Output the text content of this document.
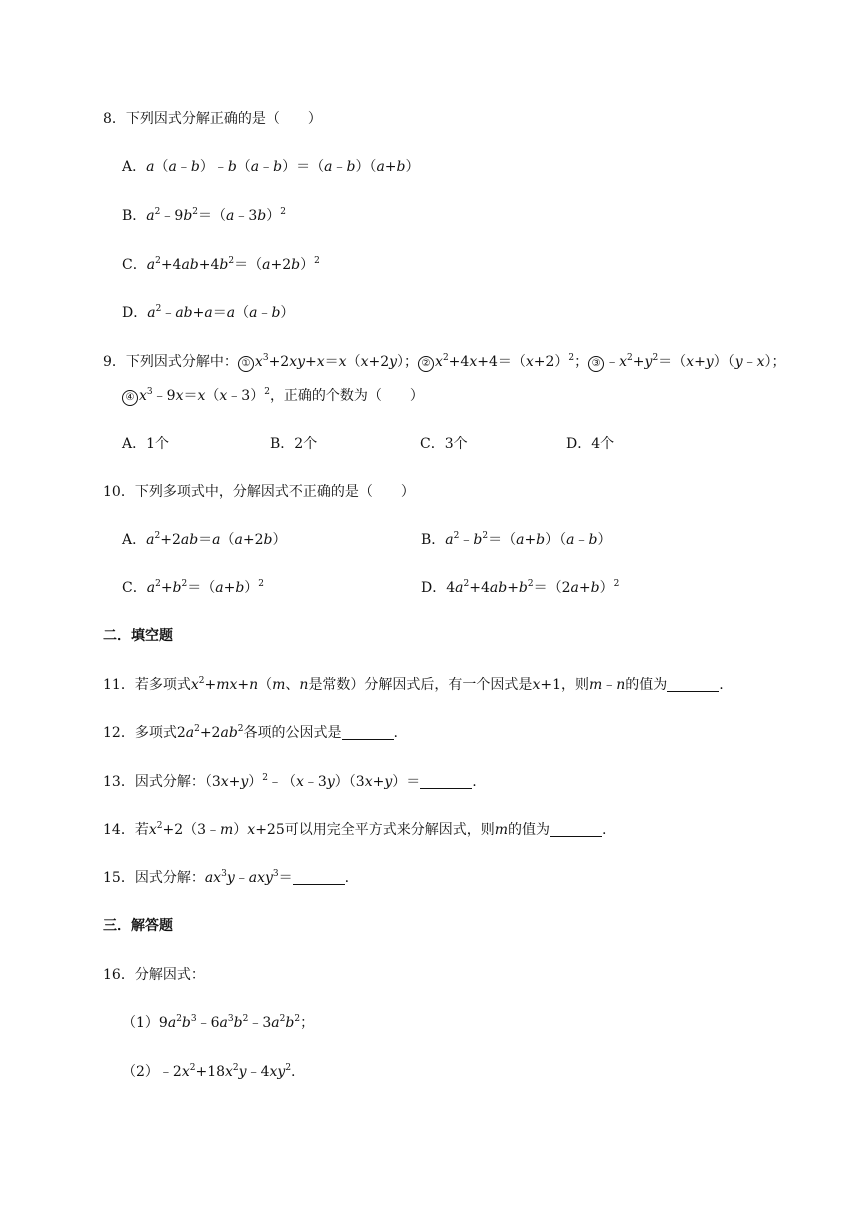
8．下列因式分解正确的是（　　）
A．a（a﹣b）﹣b（a﹣b）＝（a﹣b）（a+b）
B．$a^2﹣9b^2=(a﹣3b)^2$
C．$a^2+4ab+4b^2=(a+2b)^2$
D．$a^2﹣ab+a=a(a﹣b)$
9．下列因式分解中： ① $x^3+2xy+x=x(x+2y)$； ② $x^2+4x+4=(x+2)^2$； ③ $﹣x^2+y^2=(x+y)(y﹣x)$；
④ $x^3﹣9x=x(x﹣3)^2$，正确的个数为（　　）
A．1个	B．2个	C．3个	D．4个
10．下列多项式中，分解因式不正确的是（　　）
A．$a^2+2ab=a(a+2b)$	B．$a^2﹣b^2=(a+b)(a﹣b)$
C．$a^2+b^2=(a+b)^2$	D．$4a^2+4ab+b^2=(2a+b)^2$
二．填空题
11．若多项式$x^2+mx+n(m$、n是常数）分解因式后，有一个因式是x+1，则m﹣n的值为	.
12．多项式$2a^2+2ab^2$各项的公因式是	.
13．因式分解：$(3x+y)^2﹣(x﹣3y)(3x+y)=$	.
14．若$x^2+2(3﹣m)x+25$可以用完全平方式来分解因式，则m的值为	.
15．因式分解：$ax^3y﹣axy^3=$	.
三．解答题
16．分解因式：
$(1)9a^2b^3﹣6a^3b^2﹣3a^2b^2$；
$(2)﹣2x^2+18x^2y﹣4xy^2$.
